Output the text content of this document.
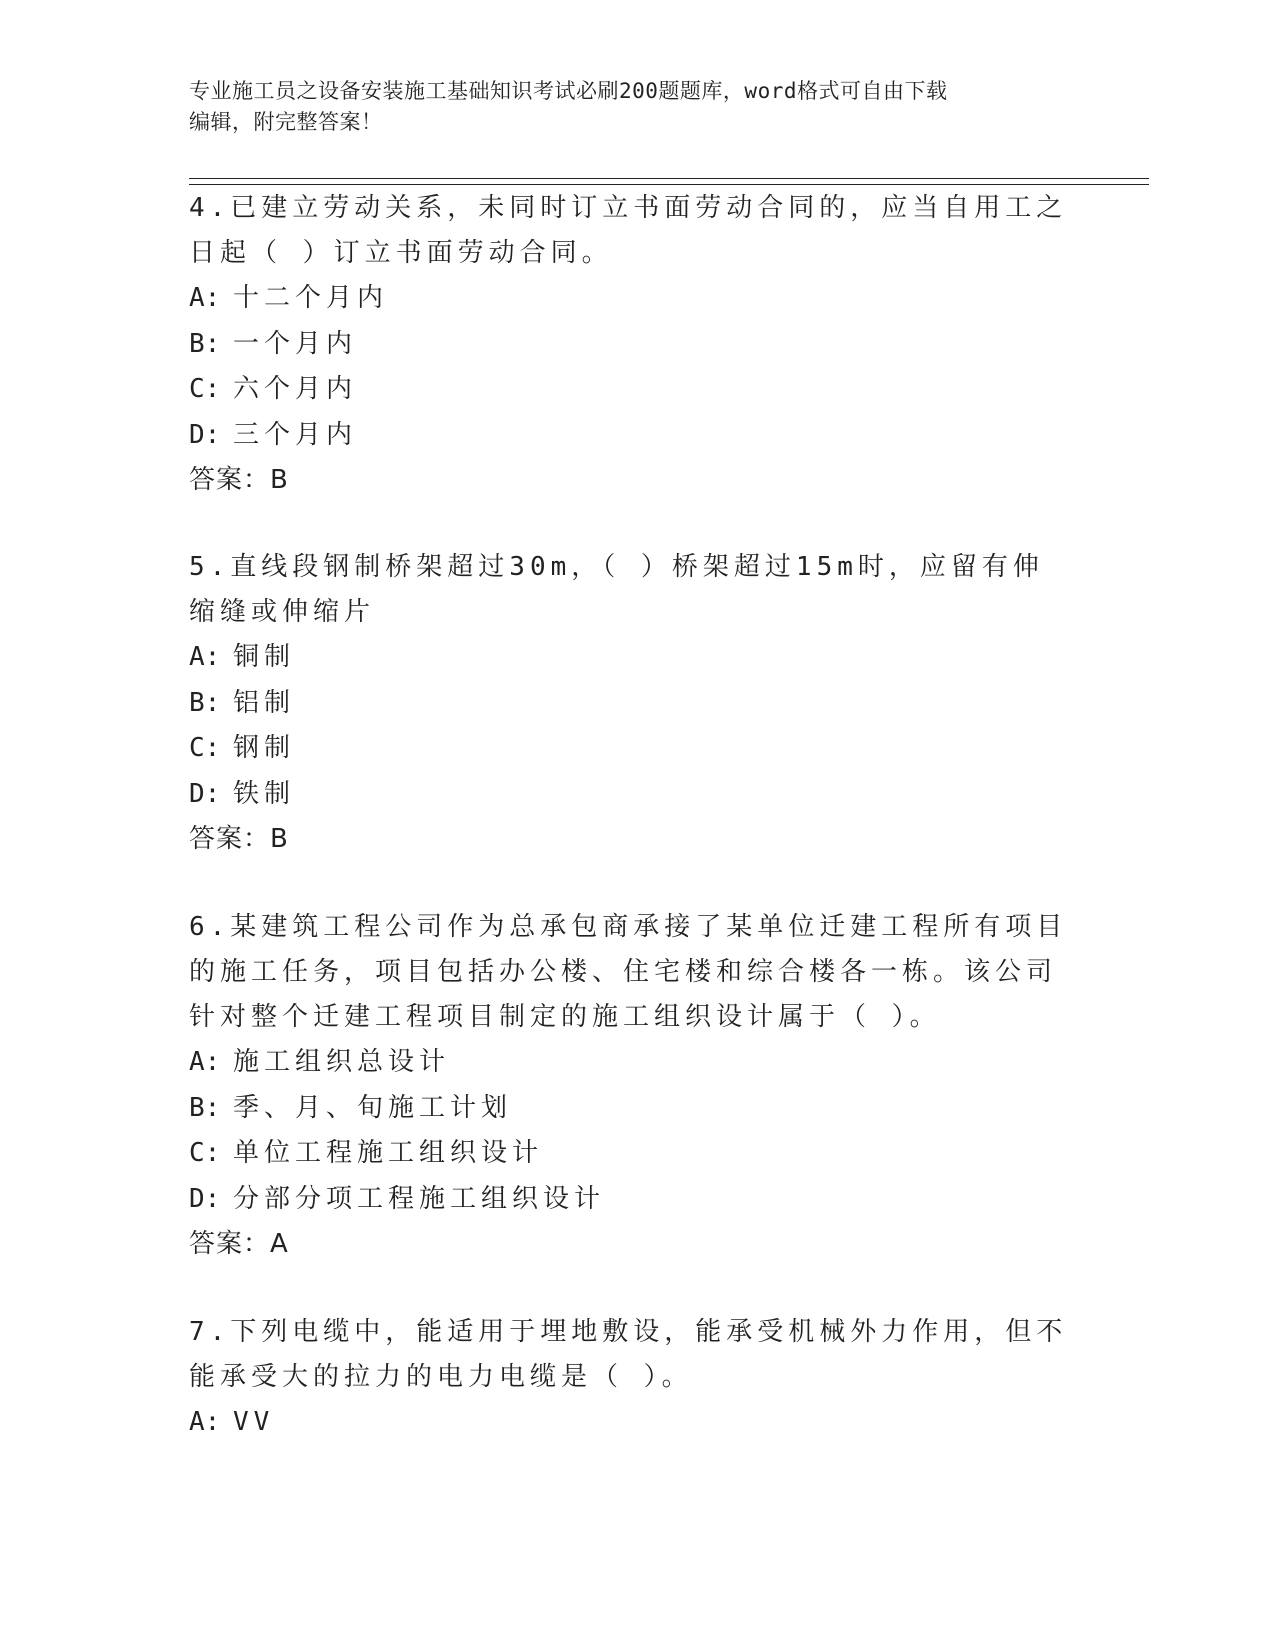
专业施工员之设备安装施工基础知识考试必刷200题题库，word格式可自由下载
编辑，附完整答案！

4.已建立劳动关系，未同时订立书面劳动合同的，应当自用工之日起（ ）订立书面劳动合同。

A: 十二个月内
B: 一个月内
C: 六个月内
D: 三个月内
答案：B

5.直线段钢制桥架超过30m，（ ）桥架超过15m时，应留有伸缩缝或伸缩片

A: 铜制
B: 铝制
C: 钢制
D: 铁制
答案：B

6.某建筑工程公司作为总承包商承接了某单位迁建工程所有项目的施工任务，项目包括办公楼、住宅楼和综合楼各一栋。该公司针对整个迁建工程项目制定的施工组织设计属于（ ）。

A: 施工组织总设计
B: 季、月、旬施工计划
C: 单位工程施工组织设计
D: 分部分项工程施工组织设计
答案：A

7.下列电缆中，能适用于埋地敷设，能承受机械外力作用，但不能承受大的拉力的电力电缆是（ ）。

A: VV
